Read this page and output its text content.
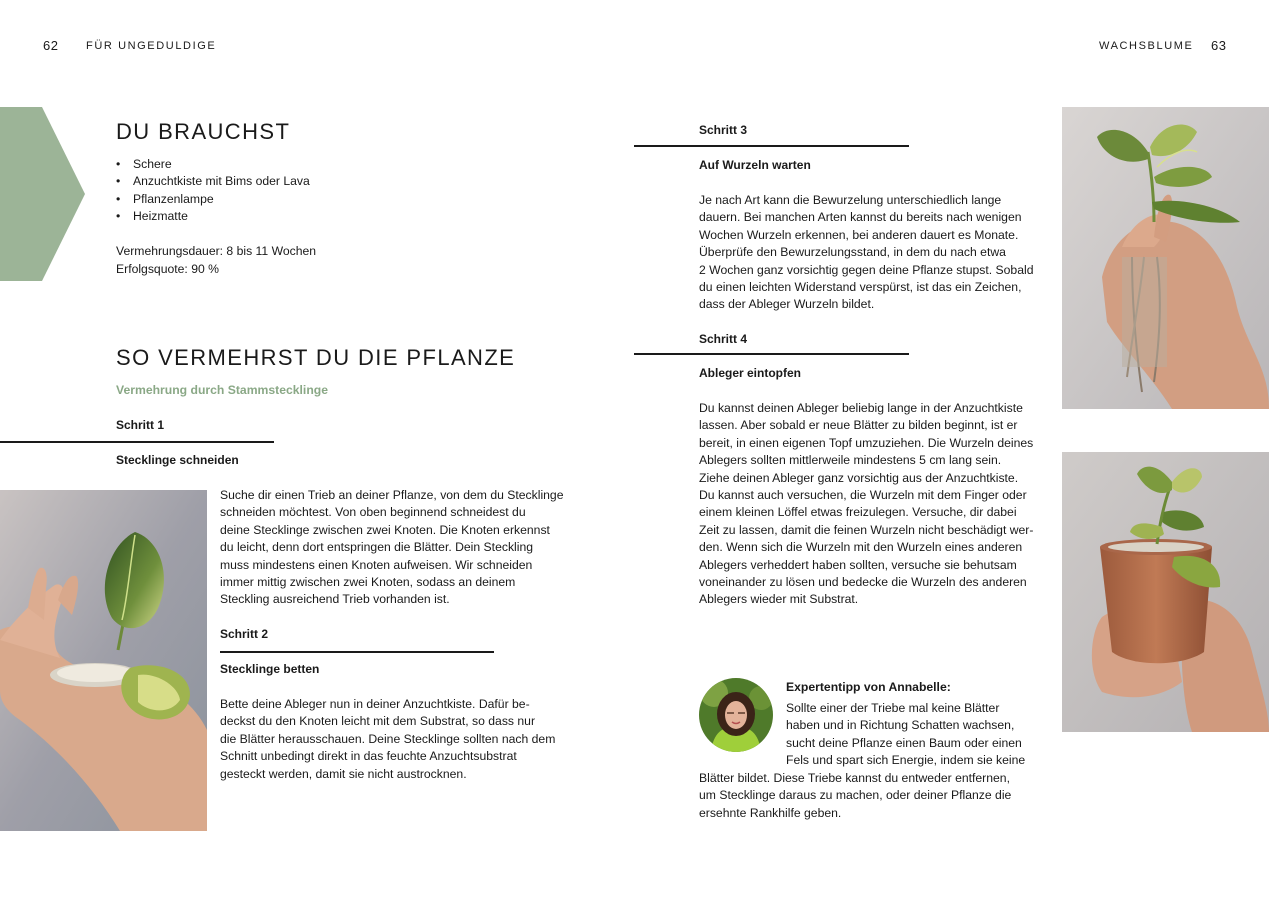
62	FÜR UNGEDULDIGE	WACHSBLUME 63
DU BRAUCHST
• Schere
• Anzuchtkiste mit Bims oder Lava
• Pflanzenlampe
• Heizmatte
Vermehrungsdauer: 8 bis 11 Wochen
Erfolgsquote: 90 %
SO VERMEHRST DU DIE PFLANZE
Vermehrung durch Stammstecklinge
Schritt 1
Stecklinge schneiden
Suche dir einen Trieb an deiner Pflanze, von dem du Stecklinge
schneiden möchtest. Von oben beginnend schneidest du
deine Stecklinge zwischen zwei Knoten. Die Knoten erkennst
du leicht, denn dort entspringen die Blätter. Dein Steckling
muss mindestens einen Knoten aufweisen. Wir schneiden
immer mittig zwischen zwei Knoten, sodass an deinem
Steckling ausreichend Trieb vorhanden ist.
Schritt 2
Stecklinge betten
Bette deine Ableger nun in deiner Anzuchtkiste. Dafür be-
deckst du den Knoten leicht mit dem Substrat, so dass nur
die Blätter herausschauen. Deine Stecklinge sollten nach dem
Schnitt unbedingt direkt in das feuchte Anzuchtsubstrat
gesteckt werden, damit sie nicht austrocknen.
Schritt 3
Auf Wurzeln warten
Je nach Art kann die Bewurzelung unterschiedlich lange
dauern. Bei manchen Arten kannst du bereits nach wenigen
Wochen Wurzeln erkennen, bei anderen dauert es Monate.
Überprüfe den Bewurzelungsstand, in dem du nach etwa
2 Wochen ganz vorsichtig gegen deine Pflanze stupst. Sobald
du einen leichten Widerstand verspürst, ist das ein Zeichen,
dass der Ableger Wurzeln bildet.
Schritt 4
Ableger eintopfen
Du kannst deinen Ableger beliebig lange in der Anzuchtkiste
lassen. Aber sobald er neue Blätter zu bilden beginnt, ist er
bereit, in einen eigenen Topf umzuziehen. Die Wurzeln deines
Ablegers sollten mittlerweile mindestens 5 cm lang sein.
Ziehe deinen Ableger ganz vorsichtig aus der Anzuchtkiste.
Du kannst auch versuchen, die Wurzeln mit dem Finger oder
einem kleinen Löffel etwas freizulegen. Versuche, dir dabei
Zeit zu lassen, damit die feinen Wurzeln nicht beschädigt wer-
den. Wenn sich die Wurzeln mit den Wurzeln eines anderen
Ablegers verheddert haben sollten, versuche sie behutsam
voneinander zu lösen und bedecke die Wurzeln des anderen
Ablegers wieder mit Substrat.
Expertentipp von Annabelle:
Sollte einer der Triebe mal keine Blätter
haben und in Richtung Schatten wachsen,
sucht deine Pflanze einen Baum oder einen
Fels und spart sich Energie, indem sie keine
Blätter bildet. Diese Triebe kannst du entweder entfernen,
um Stecklinge daraus zu machen, oder deiner Pflanze die
ersehnte Rankhilfe geben.
